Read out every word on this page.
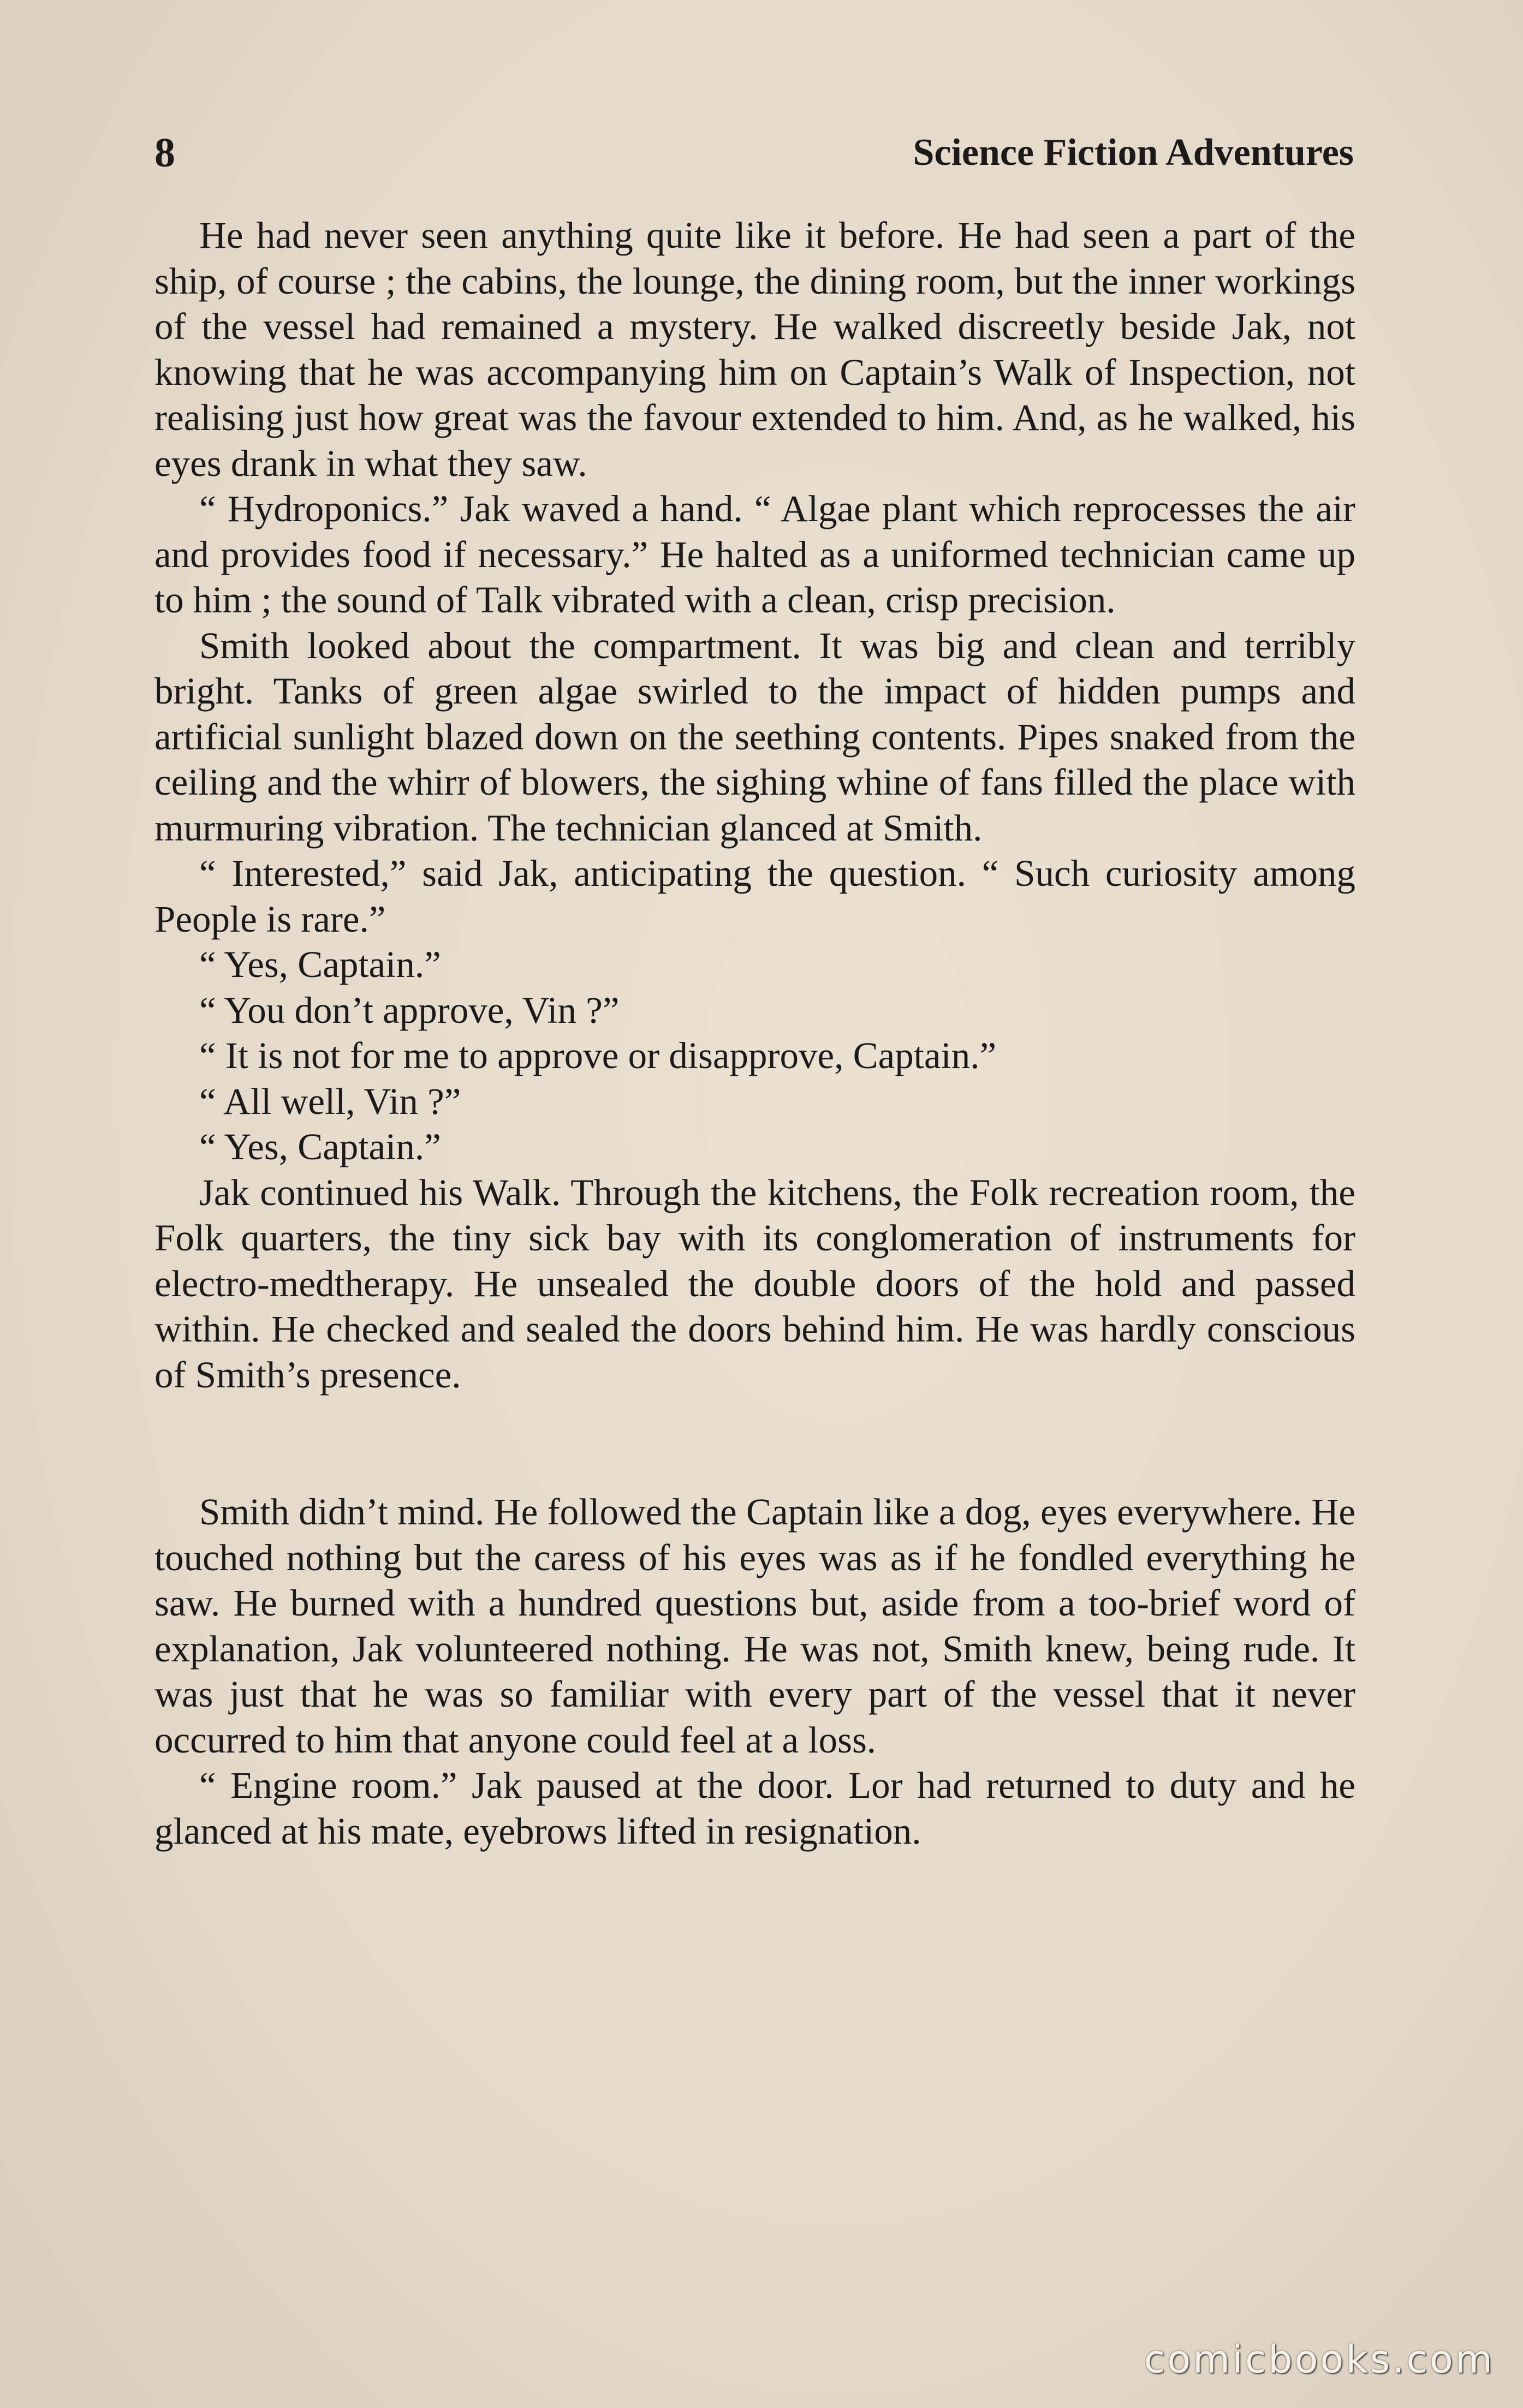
8	Science Fiction Adventures

He had never seen anything quite like it before. He had seen a part of the ship, of course ; the cabins, the lounge, the dining room, but the inner workings of the vessel had remained a mystery. He walked discreetly beside Jak, not knowing that he was accompanying him on Captain’s Walk of Inspection, not realising just how great was the favour extended to him. And, as he walked, his eyes drank in what they saw.

“ Hydroponics.” Jak waved a hand. “ Algae plant which reprocesses the air and provides food if necessary.” He halted as a uniformed technician came up to him ; the sound of Talk vibrated with a clean, crisp precision.

Smith looked about the compartment. It was big and clean and terribly bright. Tanks of green algae swirled to the impact of hidden pumps and artificial sunlight blazed down on the seething contents. Pipes snaked from the ceiling and the whirr of blowers, the sighing whine of fans filled the place with murmuring vibration. The technician glanced at Smith.

“ Interested,” said Jak, anticipating the question. “ Such curiosity among People is rare.”

“ Yes, Captain.”

“ You don’t approve, Vin ?”

“ It is not for me to approve or disapprove, Captain.”

“ All well, Vin ?”

“ Yes, Captain.”

Jak continued his Walk. Through the kitchens, the Folk recreation room, the Folk quarters, the tiny sick bay with its conglomeration of instruments for electro-medtherapy. He unsealed the double doors of the hold and passed within. He checked and sealed the doors behind him. He was hardly conscious of Smith’s presence.

Smith didn’t mind. He followed the Captain like a dog, eyes everywhere. He touched nothing but the caress of his eyes was as if he fondled everything he saw. He burned with a hundred questions but, aside from a too-brief word of explanation, Jak volunteered nothing. He was not, Smith knew, being rude. It was just that he was so familiar with every part of the vessel that it never occurred to him that anyone could feel at a loss.

“ Engine room.” Jak paused at the door. Lor had returned to duty and he glanced at his mate, eyebrows lifted in resignation.

comicbooks.com
